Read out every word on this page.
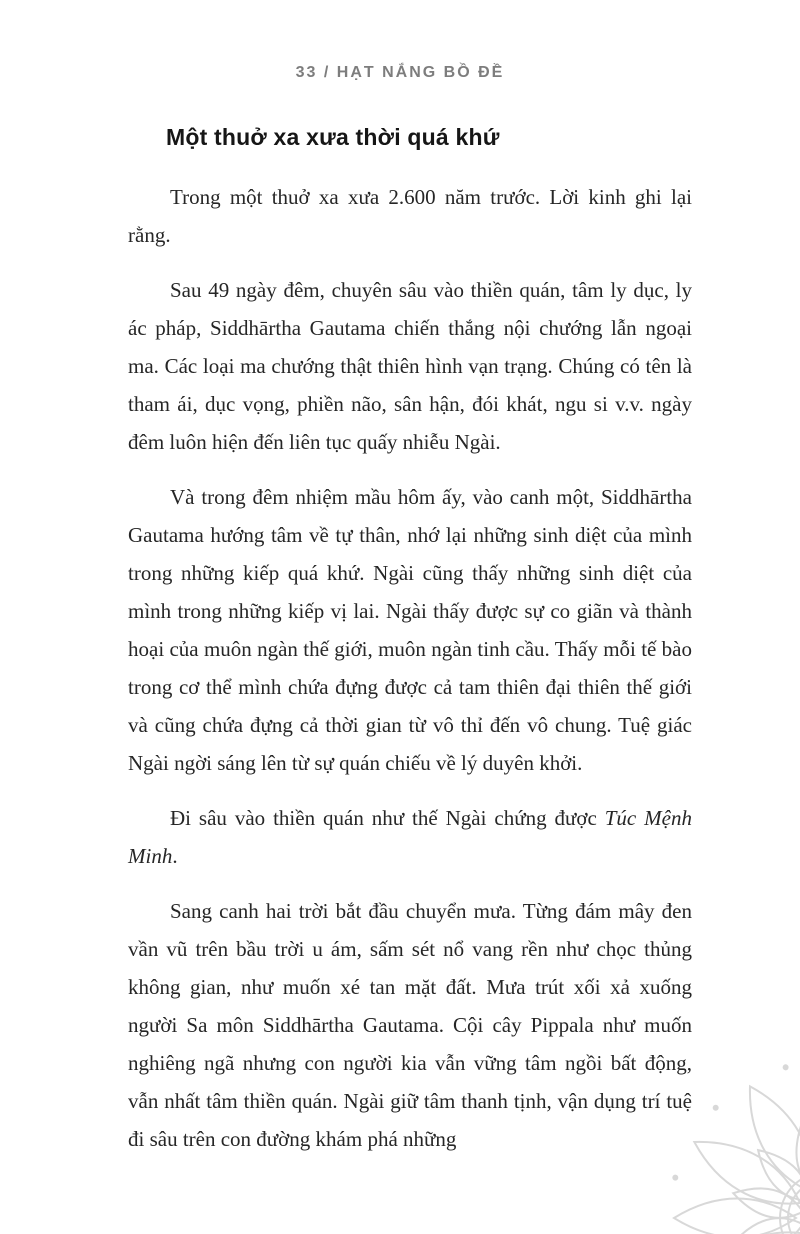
33 / HẠT NẮNG BỒ ĐỀ
Một thuở xa xưa thời quá khứ

Trong một thuở xa xưa 2.600 năm trước. Lời kinh ghi lại rằng.

Sau 49 ngày đêm, chuyên sâu vào thiền quán, tâm ly dục, ly ác pháp, Siddhārtha Gautama chiến thắng nội chướng lẫn ngoại ma. Các loại ma chướng thật thiên hình vạn trạng. Chúng có tên là tham ái, dục vọng, phiền não, sân hận, đói khát, ngu si v.v. ngày đêm luôn hiện đến liên tục quấy nhiễu Ngài.

Và trong đêm nhiệm mầu hôm ấy, vào canh một, Siddhārtha Gautama hướng tâm về tự thân, nhớ lại những sinh diệt của mình trong những kiếp quá khứ. Ngài cũng thấy những sinh diệt của mình trong những kiếp vị lai. Ngài thấy được sự co giãn và thành hoại của muôn ngàn thế giới, muôn ngàn tinh cầu. Thấy mỗi tế bào trong cơ thể mình chứa đựng được cả tam thiên đại thiên thế giới và cũng chứa đựng cả thời gian từ vô thỉ đến vô chung. Tuệ giác Ngài ngời sáng lên từ sự quán chiếu về lý duyên khởi.

Đi sâu vào thiền quán như thế Ngài chứng được Túc Mệnh Minh.

Sang canh hai trời bắt đầu chuyển mưa. Từng đám mây đen vần vũ trên bầu trời u ám, sấm sét nổ vang rền như chọc thủng không gian, như muốn xé tan mặt đất. Mưa trút xối xả xuống người Sa môn Siddhārtha Gautama. Cội cây Pippala như muốn nghiêng ngã nhưng con người kia vẫn vững tâm ngồi bất động, vẫn nhất tâm thiền quán. Ngài giữ tâm thanh tịnh, vận dụng trí tuệ đi sâu trên con đường khám phá những
